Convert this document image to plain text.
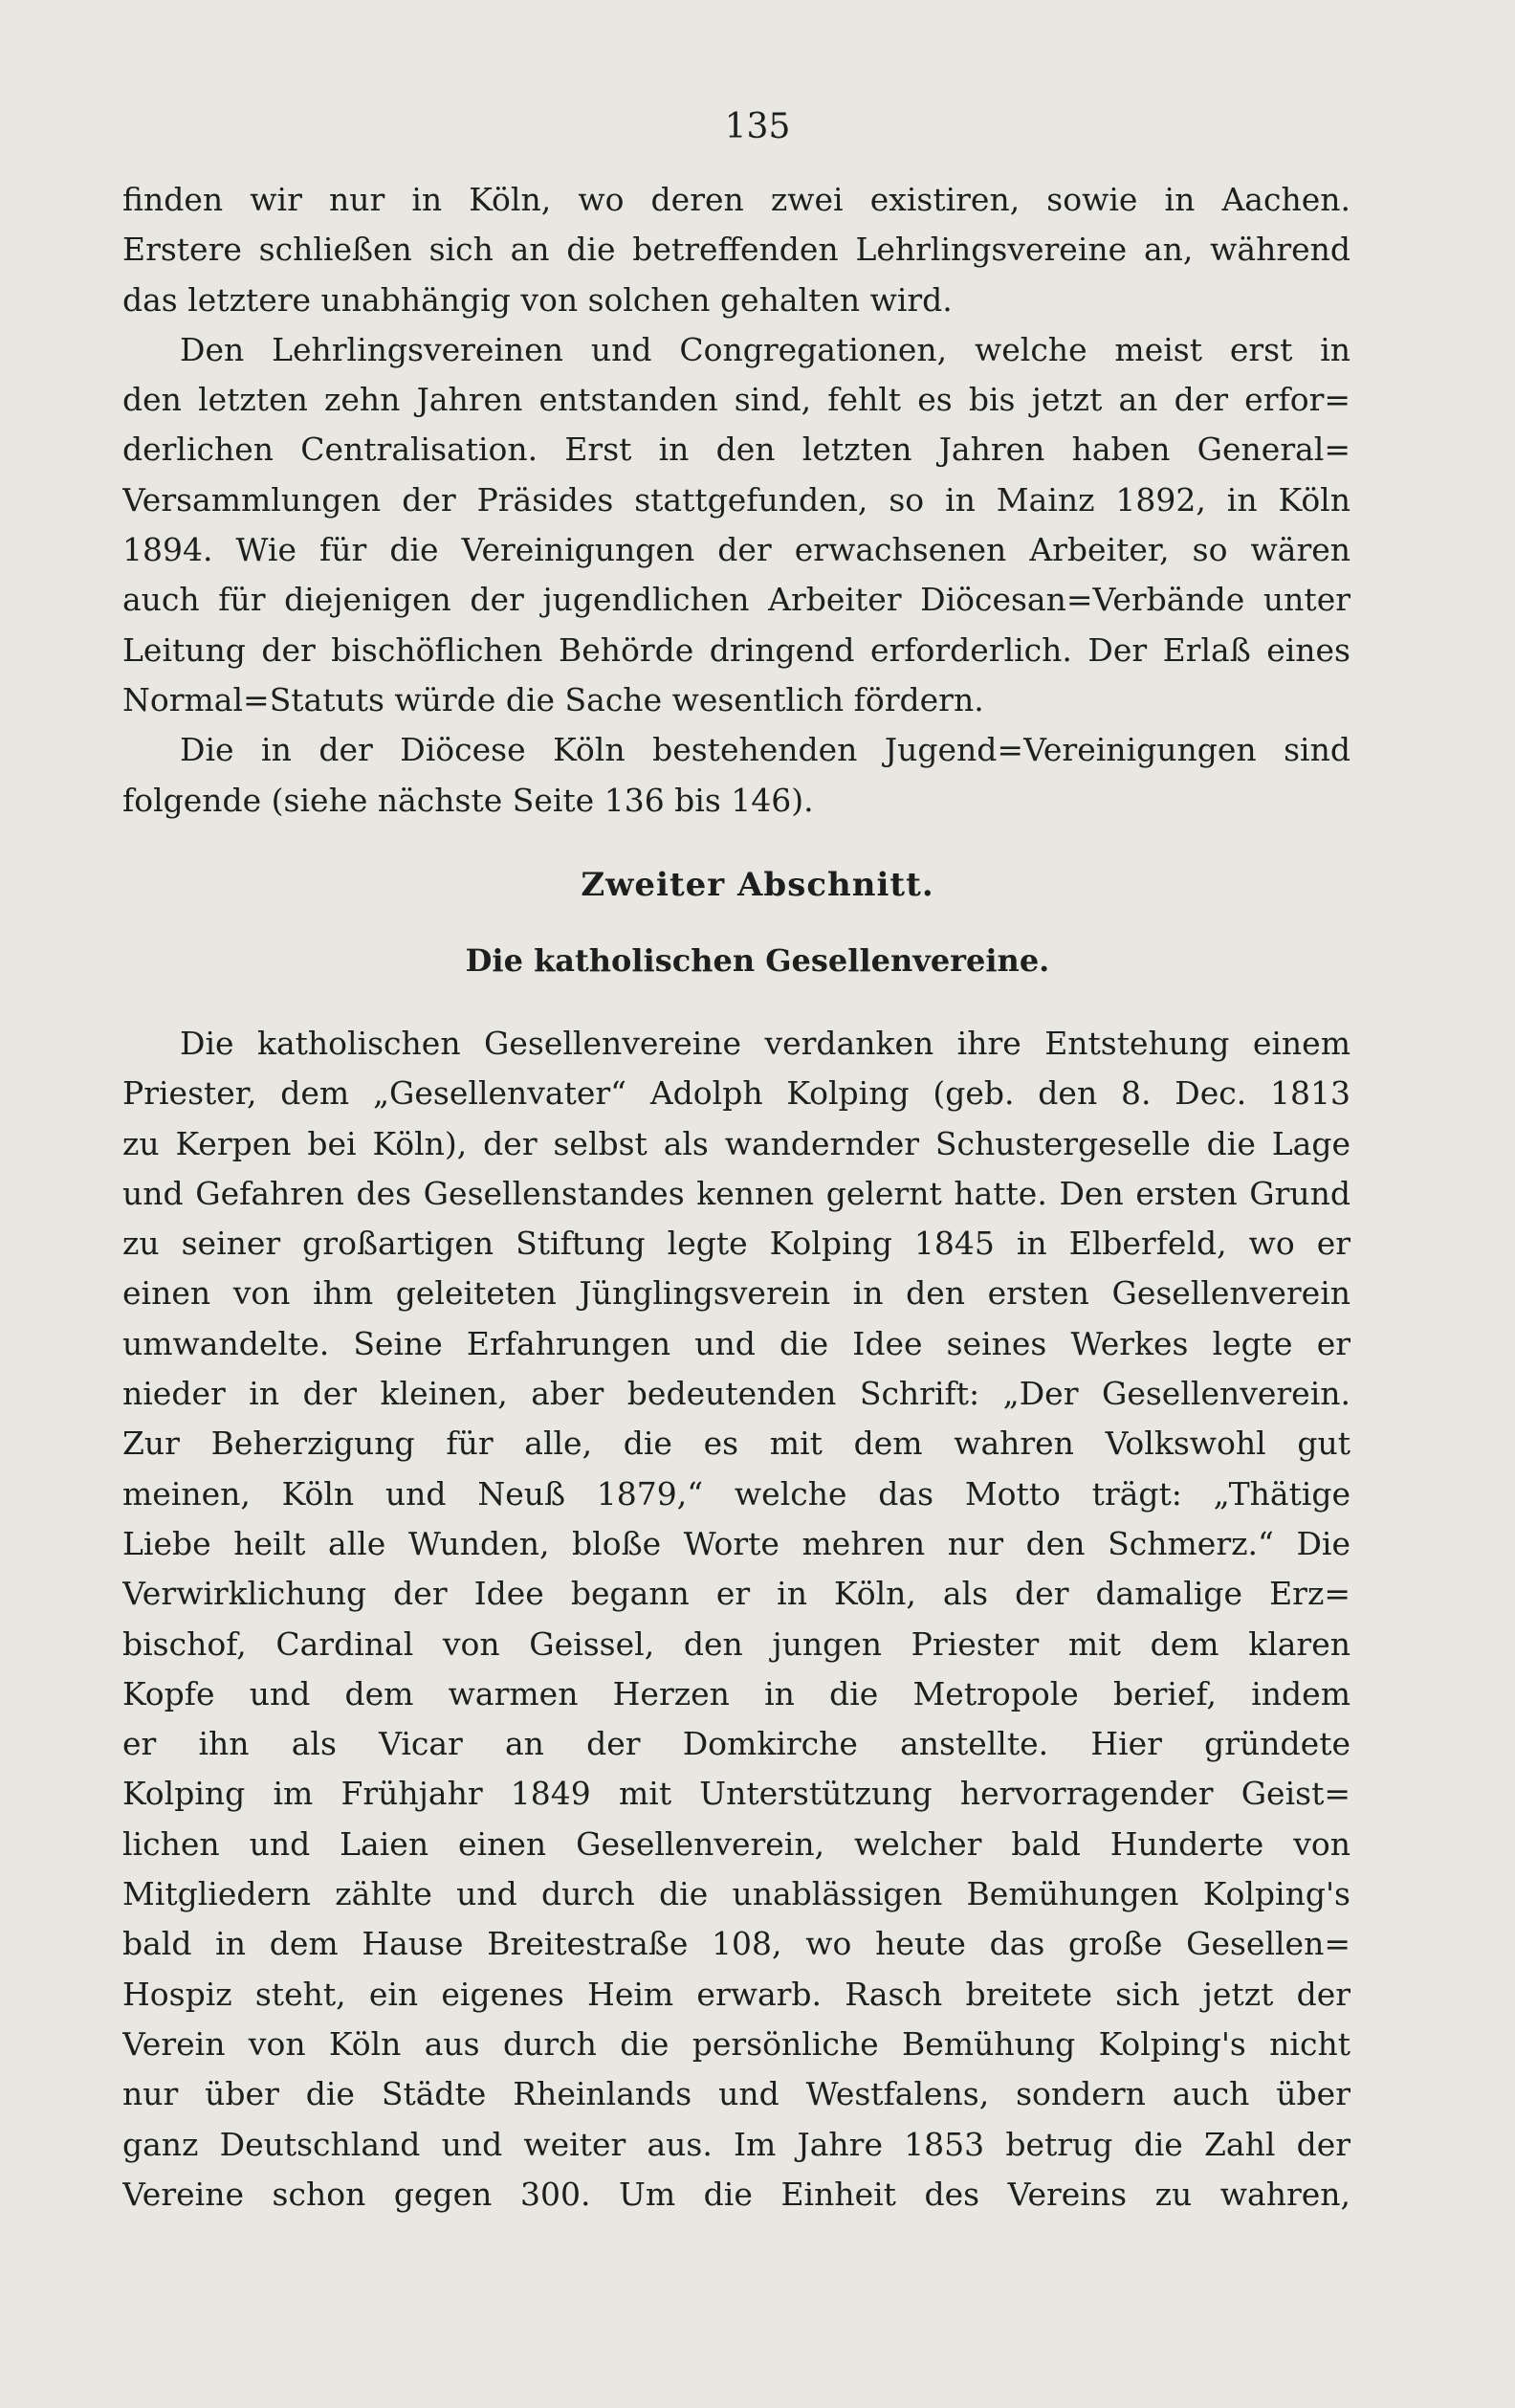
135
finden wir nur in Köln, wo deren zwei existiren, sowie in Aachen.
Erstere schließen sich an die betreffenden Lehrlingsvereine an, während
das letztere unabhängig von solchen gehalten wird.
Den Lehrlingsvereinen und Congregationen, welche meist erst in
den letzten zehn Jahren entstanden sind, fehlt es bis jetzt an der erfor=
derlichen Centralisation. Erst in den letzten Jahren haben General=
Versammlungen der Präsides stattgefunden, so in Mainz 1892, in Köln
1894. Wie für die Vereinigungen der erwachsenen Arbeiter, so wären
auch für diejenigen der jugendlichen Arbeiter Diöcesan=Verbände unter
Leitung der bischöflichen Behörde dringend erforderlich. Der Erlaß eines
Normal=Statuts würde die Sache wesentlich fördern.
Die in der Diöcese Köln bestehenden Jugend=Vereinigungen sind
folgende (siehe nächste Seite 136 bis 146).
Zweiter Abschnitt.
Die katholischen Gesellenvereine.
Die katholischen Gesellenvereine verdanken ihre Entstehung einem
Priester, dem „Gesellenvater“ Adolph Kolping (geb. den 8. Dec. 1813
zu Kerpen bei Köln), der selbst als wandernder Schustergeselle die Lage
und Gefahren des Gesellenstandes kennen gelernt hatte. Den ersten Grund
zu seiner großartigen Stiftung legte Kolping 1845 in Elberfeld, wo er
einen von ihm geleiteten Jünglingsverein in den ersten Gesellenverein
umwandelte. Seine Erfahrungen und die Idee seines Werkes legte er
nieder in der kleinen, aber bedeutenden Schrift: „Der Gesellenverein.
Zur Beherzigung für alle, die es mit dem wahren Volkswohl gut
meinen, Köln und Neuß 1879,“ welche das Motto trägt: „Thätige
Liebe heilt alle Wunden, bloße Worte mehren nur den Schmerz.“ Die
Verwirklichung der Idee begann er in Köln, als der damalige Erz=
bischof, Cardinal von Geissel, den jungen Priester mit dem klaren
Kopfe und dem warmen Herzen in die Metropole berief, indem
er ihn als Vicar an der Domkirche anstellte. Hier gründete
Kolping im Frühjahr 1849 mit Unterstützung hervorragender Geist=
lichen und Laien einen Gesellenverein, welcher bald Hunderte von
Mitgliedern zählte und durch die unablässigen Bemühungen Kolping's
bald in dem Hause Breitestraße 108, wo heute das große Gesellen=
Hospiz steht, ein eigenes Heim erwarb. Rasch breitete sich jetzt der
Verein von Köln aus durch die persönliche Bemühung Kolping's nicht
nur über die Städte Rheinlands und Westfalens, sondern auch über
ganz Deutschland und weiter aus. Im Jahre 1853 betrug die Zahl der
Vereine schon gegen 300. Um die Einheit des Vereins zu wahren,
